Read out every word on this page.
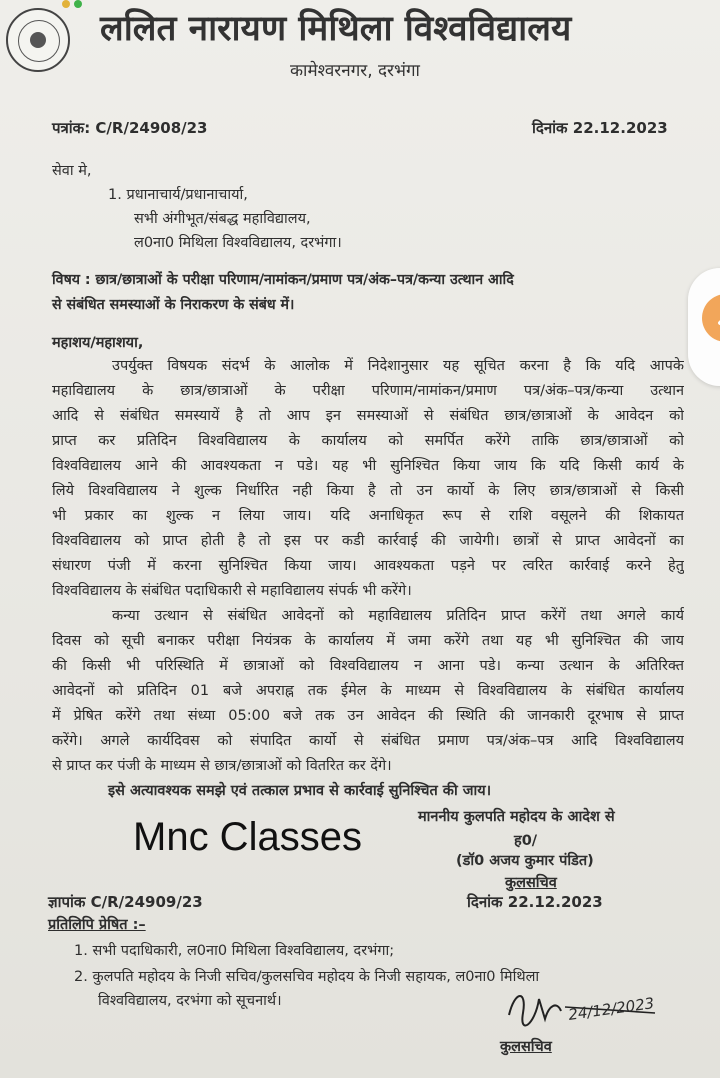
ललित नारायण मिथिला विश्वविद्यालय
कामेश्वरनगर, दरभंगा
पत्रांक: C/R/24908/23	दिनांक 22.12.2023
सेवा मे,
1. प्रधानाचार्य/प्रधानाचार्या,
सभी अंगीभूत/संबद्ध महाविद्यालय,
ल0ना0 मिथिला विश्वविद्यालय, दरभंगा।
विषय : छात्र/छात्राओं के परीक्षा परिणाम/नामांकन/प्रमाण पत्र/अंक–पत्र/कन्या उत्थान आदि
से संबंधित समस्याओं के निराकरण के संबंध में।
महाशय/महाशया,
उपर्युक्त विषयक संदर्भ के आलोक में निदेशानुसार यह सूचित करना है कि यदि आपके
महाविद्यालय के छात्र/छात्राओं के परीक्षा परिणाम/नामांकन/प्रमाण पत्र/अंक–पत्र/कन्या उत्थान
आदि से संबंधित समस्यायें है तो आप इन समस्याओं से संबंधित छात्र/छात्राओं के आवेदन को
प्राप्त कर प्रतिदिन विश्वविद्यालय के कार्यालय को समर्पित करेंगे ताकि छात्र/छात्राओं को
विश्वविद्यालय आने की आवश्यकता न पडे। यह भी सुनिश्चित किया जाय कि यदि किसी कार्य के
लिये विश्वविद्यालय ने शुल्क निर्धारित नही किया है तो उन कार्यो के लिए छात्र/छात्राओं से किसी
भी प्रकार का शुल्क न लिया जाय। यदि अनाधिकृत रूप से राशि वसूलने की शिकायत
विश्वविद्यालय को प्राप्त होती है तो इस पर कडी कार्रवाई की जायेगी। छात्रों से प्राप्त आवेदनों का
संधारण पंजी में करना सुनिश्चित किया जाय। आवश्यकता पड़ने पर त्वरित कार्रवाई करने हेतु
विश्वविद्यालय के संबंधित पदाधिकारी से महाविद्यालय संपर्क भी करेंगे।
कन्या उत्थान से संबंधित आवेदनों को महाविद्यालय प्रतिदिन प्राप्त करेंगें तथा अगले कार्य
दिवस को सूची बनाकर परीक्षा नियंत्रक के कार्यालय में जमा करेंगे तथा यह भी सुनिश्चित की जाय
की किसी भी परिस्थिति में छात्राओं को विश्वविद्यालय न आना पडे। कन्या उत्थान के अतिरिक्त
आवेदनों को प्रतिदिन 01 बजे अपराह्न तक ईमेल के माध्यम से विश्वविद्यालय के संबंधित कार्यालय
में प्रेषित करेंगे तथा संध्या 05:00 बजे तक उन आवेदन की स्थिति की जानकारी दूरभाष से प्राप्त
करेंगे। अगले कार्यदिवस को संपादित कार्यो से संबंधित प्रमाण पत्र/अंक–पत्र आदि विश्वविद्यालय
से प्राप्त कर पंजी के माध्यम से छात्र/छात्राओं को वितरित कर देंगे।
इसे अत्यावश्यक समझे एवं तत्काल प्रभाव से कार्रवाई सुनिश्चित की जाय।
माननीय कुलपति महोदय के आदेश से
ह0/
(डॉ0 अजय कुमार पंडित)
कुलसचिव
Mnc Classes
ज्ञापांक C/R/24909/23	दिनांक 22.12.2023
प्रतिलिपि प्रेषित :–
1. सभी पदाधिकारी, ल0ना0 मिथिला विश्वविद्यालय, दरभंगा;
2. कुलपति महोदय के निजी सचिव/कुलसचिव महोदय के निजी सहायक, ल0ना0 मिथिला
विश्वविद्यालय, दरभंगा को सूचनार्थ।	24/12/2023
कुलसचिव
